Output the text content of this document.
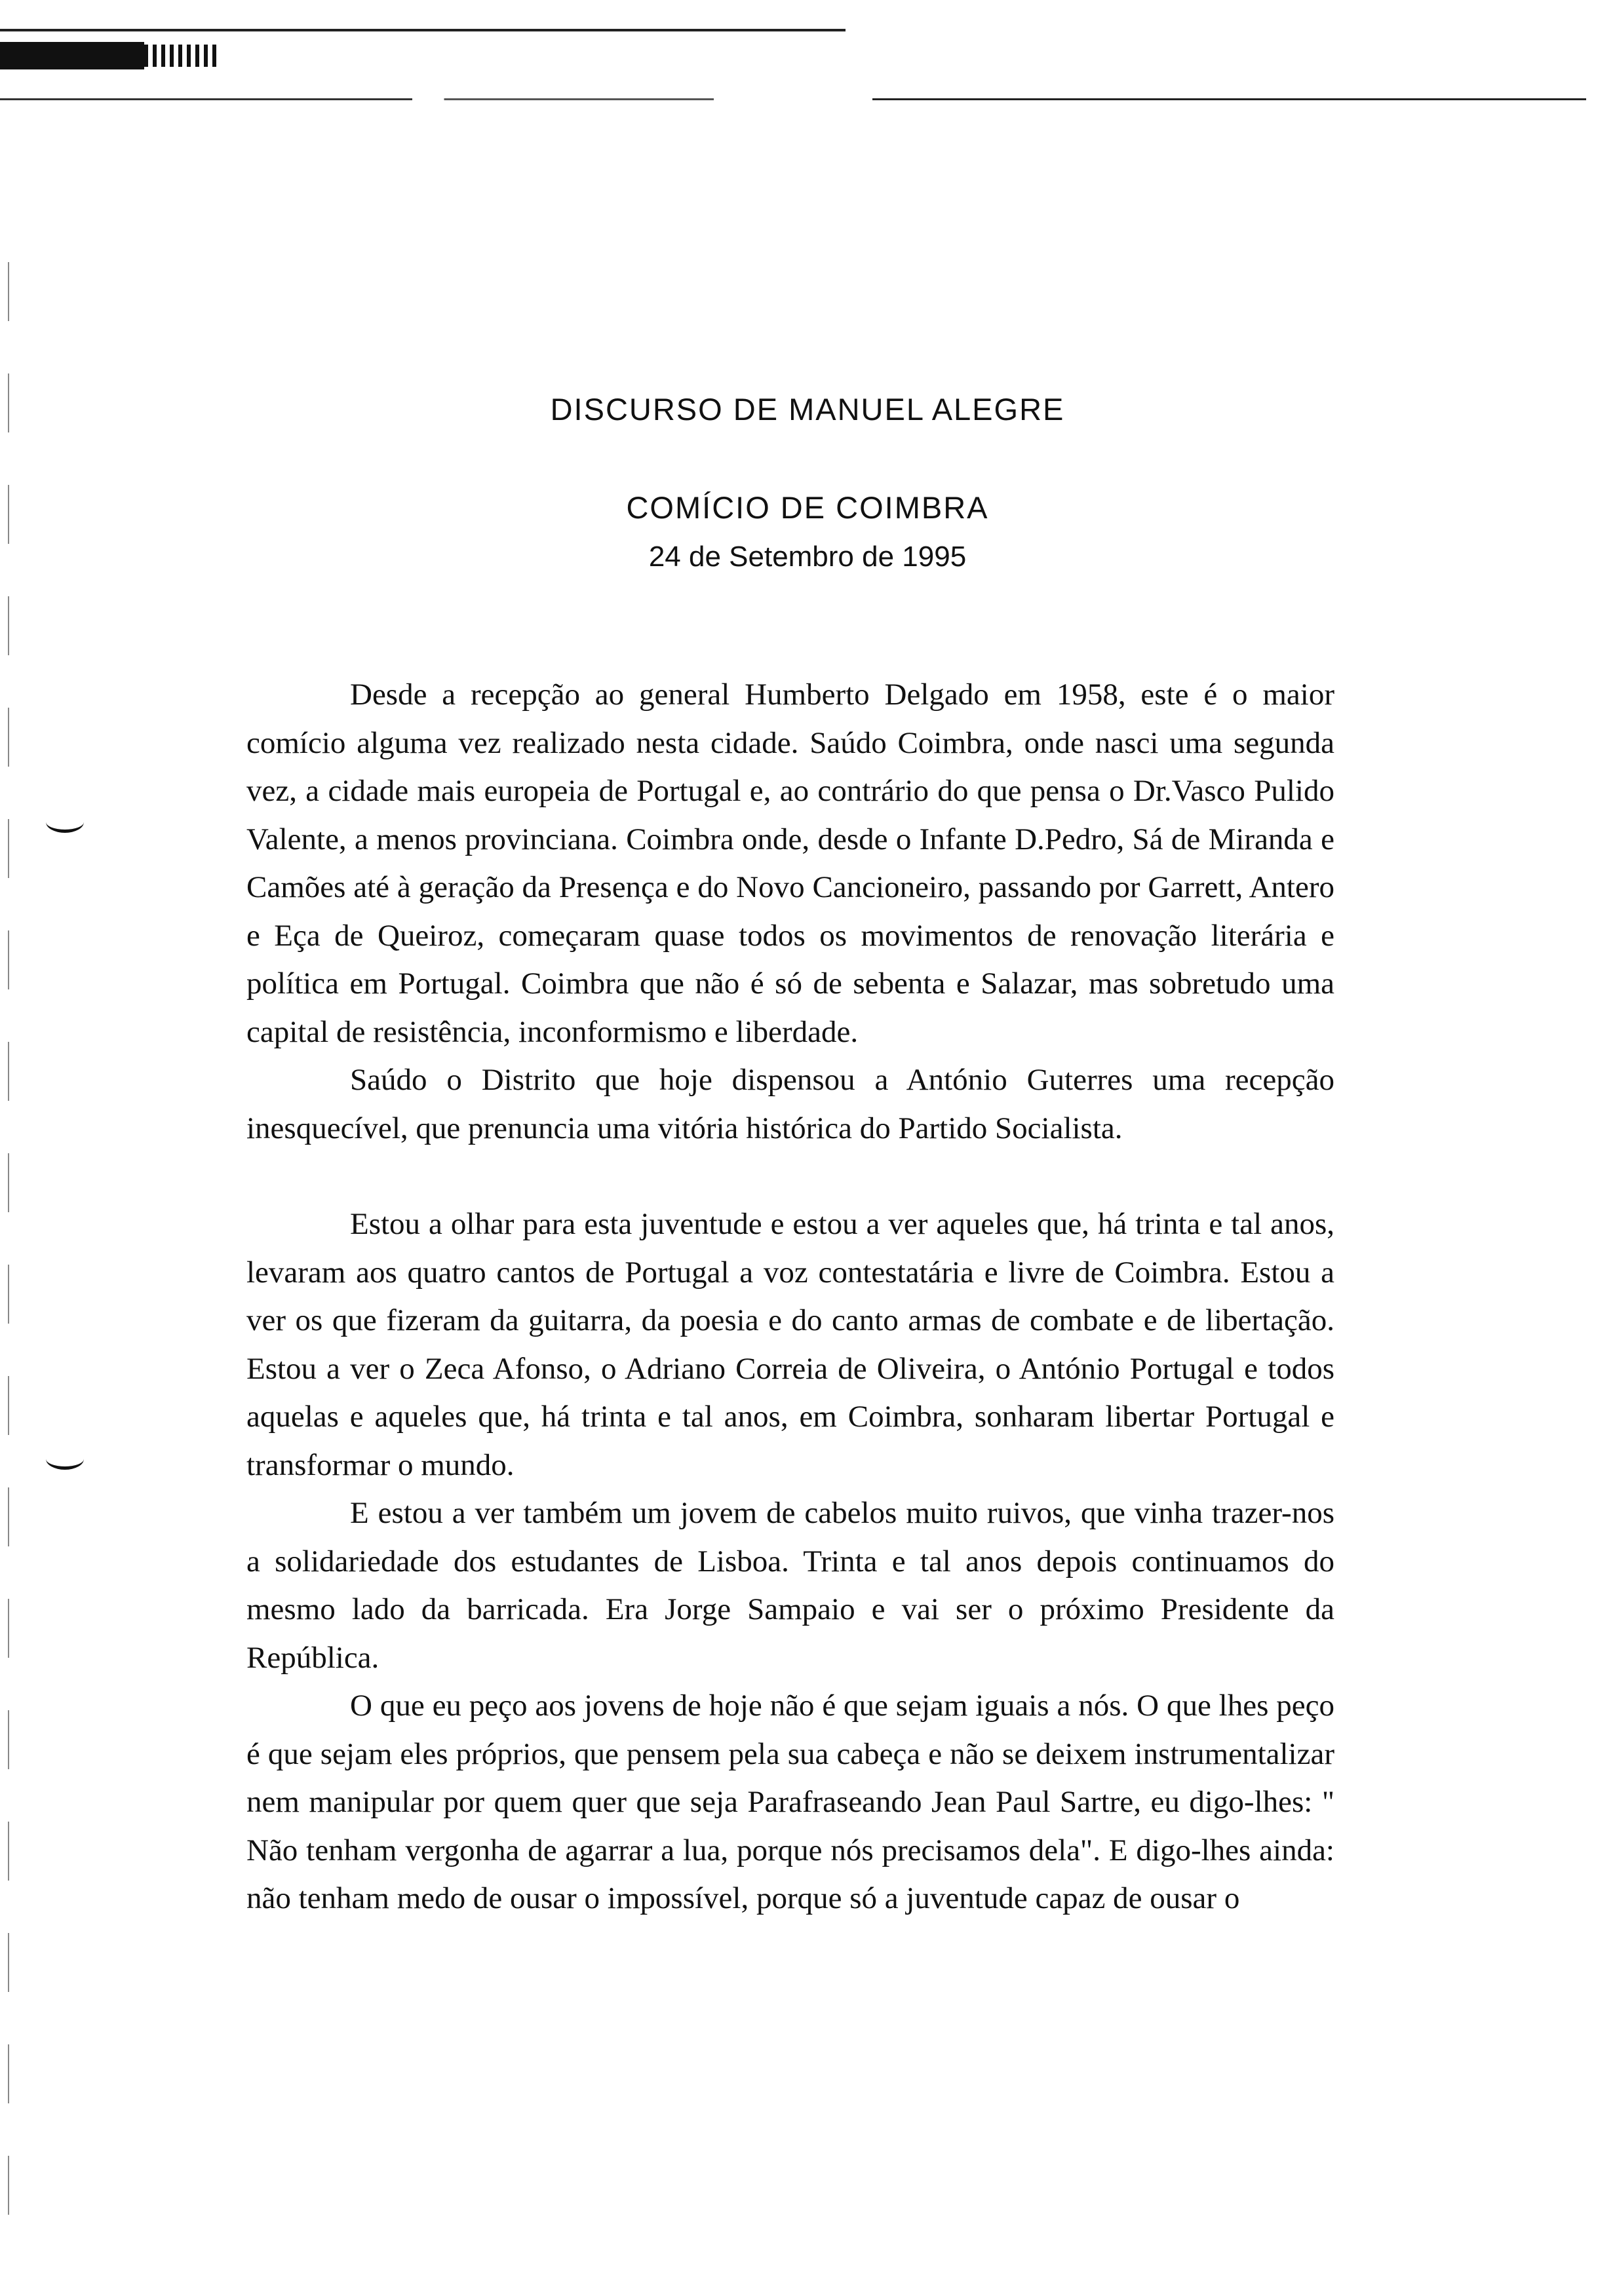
DISCURSO DE MANUEL ALEGRE
COMÍCIO DE COIMBRA
24 de Setembro de 1995

Desde a recepção ao general Humberto Delgado em 1958, este é o maior comício alguma vez realizado nesta cidade. Saúdo Coimbra, onde nasci uma segunda vez, a cidade mais europeia de Portugal e, ao contrário do que pensa o Dr.Vasco Pulido Valente, a menos provinciana. Coimbra onde, desde o Infante D.Pedro, Sá de Miranda e Camões até à geração da Presença e do Novo Cancioneiro, passando por Garrett, Antero e Eça de Queiroz, começaram quase todos os movimentos de renovação literária e política em Portugal. Coimbra que não é só de sebenta e Salazar, mas sobretudo uma capital de resistência, inconformismo e liberdade.

Saúdo o Distrito que hoje dispensou a António Guterres uma recepção inesquecível, que prenuncia uma vitória histórica do Partido Socialista.

Estou a olhar para esta juventude e estou a ver aqueles que, há trinta e tal anos, levaram aos quatro cantos de Portugal a voz contestatária e livre de Coimbra. Estou a ver os que fizeram da guitarra, da poesia e do canto armas de combate e de libertação. Estou a ver o Zeca Afonso, o Adriano Correia de Oliveira, o António Portugal e todos aquelas e aqueles que, há trinta e tal anos, em Coimbra, sonharam libertar Portugal e transformar o mundo.

E estou a ver também um jovem de cabelos muito ruivos, que vinha trazer-nos a solidariedade dos estudantes de Lisboa. Trinta e tal anos depois continuamos do mesmo lado da barricada. Era Jorge Sampaio e vai ser o próximo Presidente da República.

O que eu peço aos jovens de hoje não é que sejam iguais a nós. O que lhes peço é que sejam eles próprios, que pensem pela sua cabeça e não se deixem instrumentalizar nem manipular por quem quer que seja Parafraseando Jean Paul Sartre, eu digo-lhes: " Não tenham vergonha de agarrar a lua, porque nós precisamos dela". E digo-lhes ainda: não tenham medo de ousar o impossível, porque só a juventude capaz de ousar o
